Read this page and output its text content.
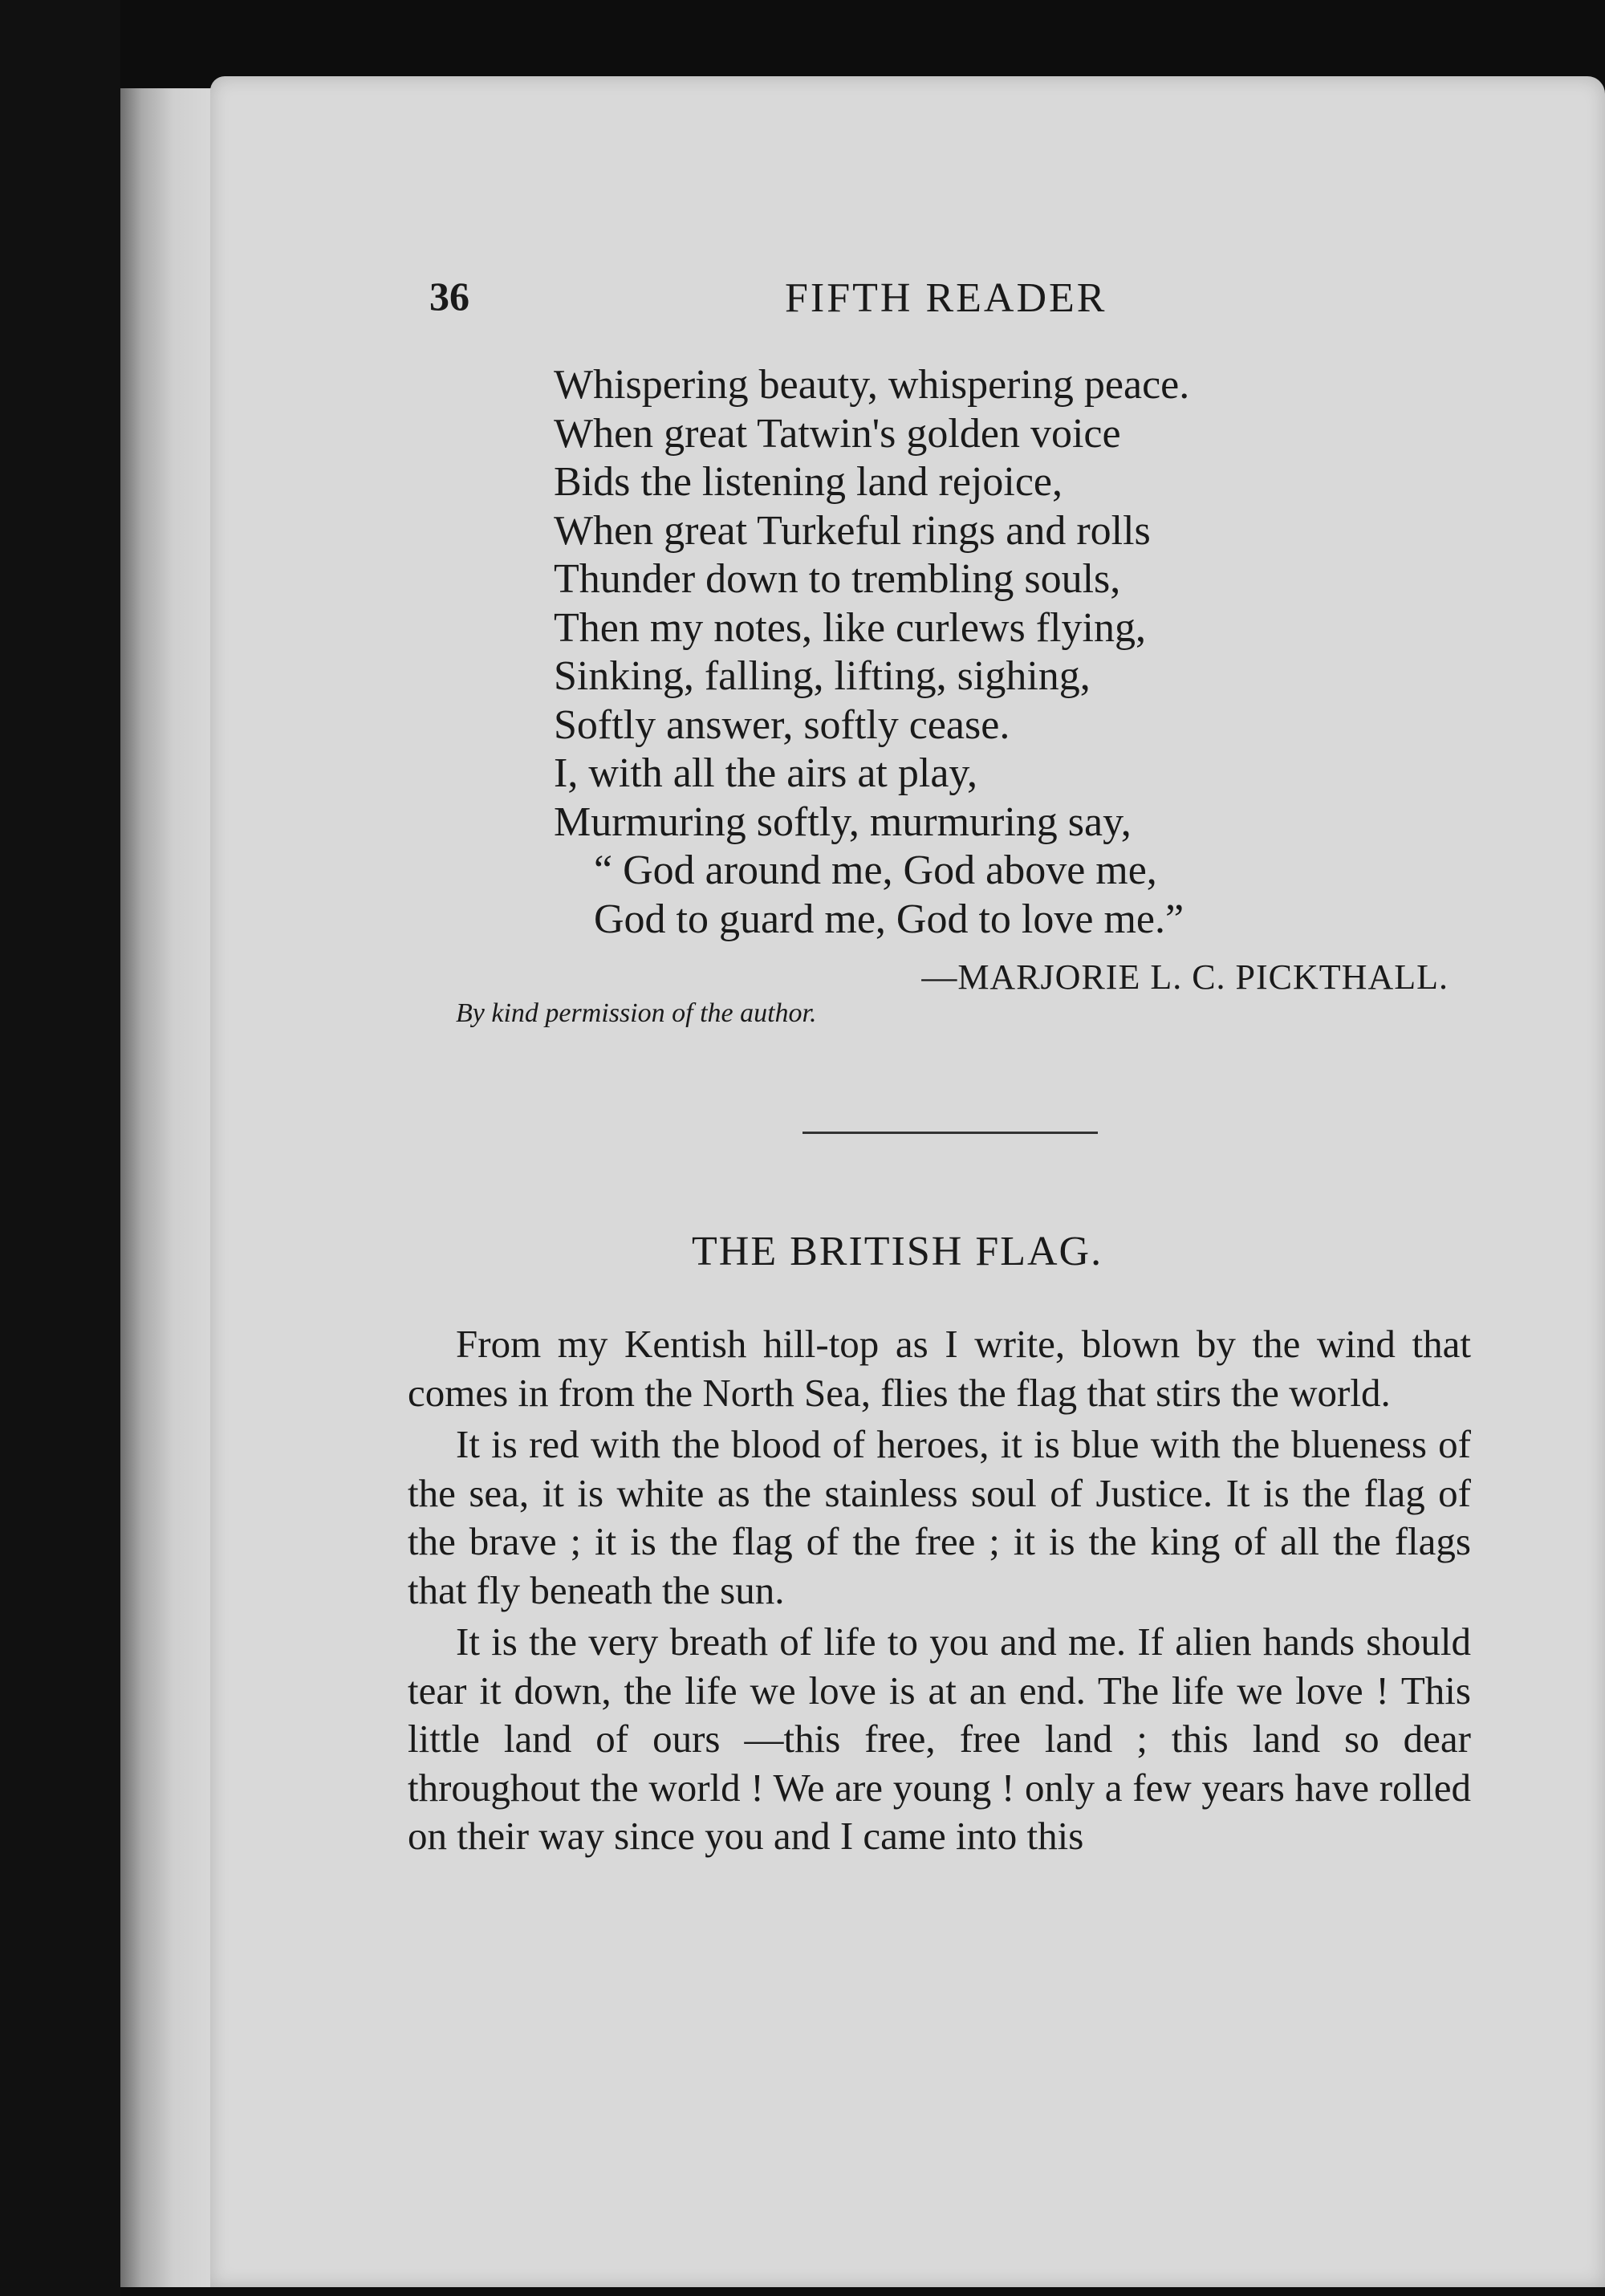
36	FIFTH READER
Whispering beauty, whispering peace.
When great Tatwin's golden voice
Bids the listening land rejoice,
When great Turkeful rings and rolls
Thunder down to trembling souls,
Then my notes, like curlews flying,
Sinking, falling, lifting, sighing,
Softly answer, softly cease.
I, with all the airs at play,
Murmuring softly, murmuring say,
“ God around me, God above me,
God to guard me, God to love me.”
—MARJORIE L. C. PICKTHALL.
By kind permission of the author.
THE BRITISH FLAG.

From my Kentish hill-top as I write, blown by the wind that comes in from the North Sea, flies the flag that stirs the world.

It is red with the blood of heroes, it is blue with the blueness of the sea, it is white as the stainless soul of Justice. It is the flag of the brave ; it is the flag of the free ; it is the king of all the flags that fly beneath the sun.

It is the very breath of life to you and me. If alien hands should tear it down, the life we love is at an end. The life we love ! This little land of ours —this free, free land ; this land so dear throughout the world ! We are young ! only a few years have rolled on their way since you and I came into this
